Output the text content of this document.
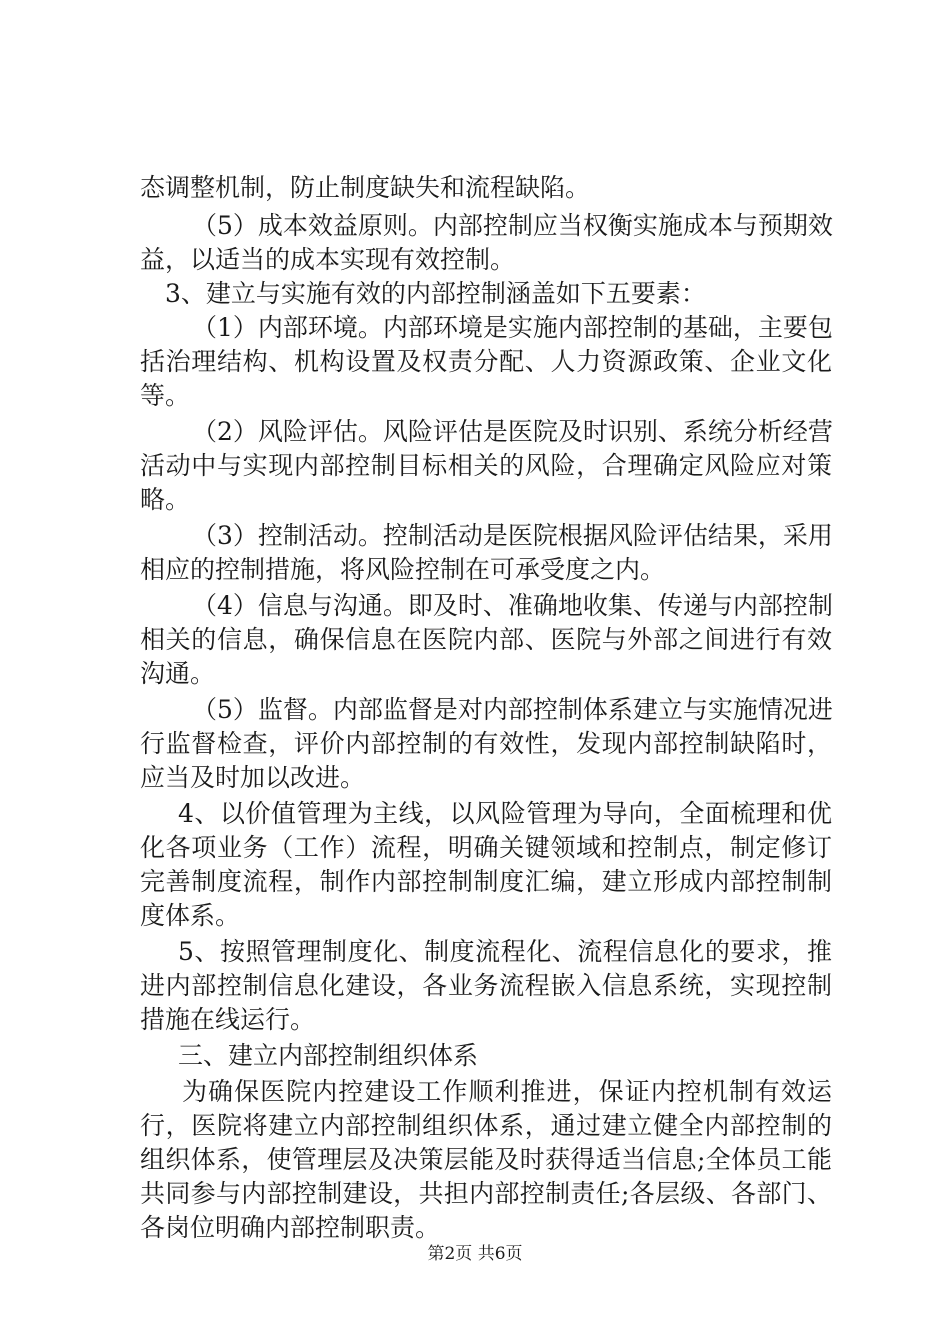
态调整机制，防止制度缺失和流程缺陷。
（5）成本效益原则。内部控制应当权衡实施成本与预期效
益，以适当的成本实现有效控制。
3、建立与实施有效的内部控制涵盖如下五要素：
（1）内部环境。内部环境是实施内部控制的基础，主要包
括治理结构、机构设置及权责分配、人力资源政策、企业文化
等。
（2）风险评估。风险评估是医院及时识别、系统分析经营
活动中与实现内部控制目标相关的风险，合理确定风险应对策
略。
（3）控制活动。控制活动是医院根据风险评估结果，采用
相应的控制措施，将风险控制在可承受度之内。
（4）信息与沟通。即及时、准确地收集、传递与内部控制
相关的信息，确保信息在医院内部、医院与外部之间进行有效
沟通。
（5）监督。内部监督是对内部控制体系建立与实施情况进
行监督检查，评价内部控制的有效性，发现内部控制缺陷时，
应当及时加以改进。
4、以价值管理为主线，以风险管理为导向，全面梳理和优
化各项业务（工作）流程，明确关键领域和控制点，制定修订
完善制度流程，制作内部控制制度汇编，建立形成内部控制制
度体系。
5、按照管理制度化、制度流程化、流程信息化的要求，推
进内部控制信息化建设，各业务流程嵌入信息系统，实现控制
措施在线运行。
三、建立内部控制组织体系
为确保医院内控建设工作顺利推进，保证内控机制有效运
行，医院将建立内部控制组织体系，通过建立健全内部控制的
组织体系，使管理层及决策层能及时获得适当信息;全体员工能
共同参与内部控制建设，共担内部控制责任;各层级、各部门、
各岗位明确内部控制职责。
第2页 共6页
